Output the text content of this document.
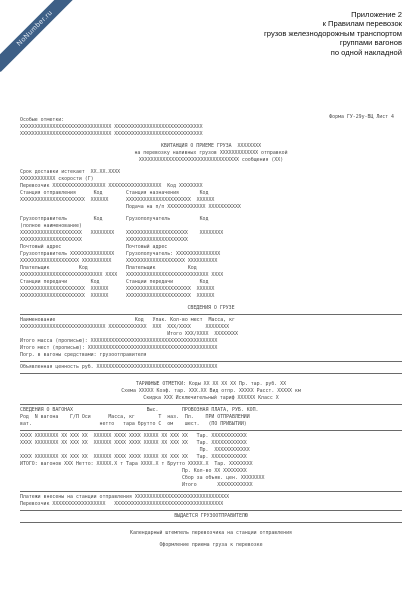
NoNumber.ru	Приложение 2
к Правилам перевозок
грузов железнодорожным транспортом
группами вагонов
по одной накладной
Форма ГУ-29у-ВЦ Лист 4
Особые отметки:
XXXXXXXXXXXXXXXXXXXXXXXXXXXXXXX XXXXXXXXXXXXXXXXXXXXXXXXXXXXXX
XXXXXXXXXXXXXXXXXXXXXXXXXXXXXXX XXXXXXXXXXXXXXXXXXXXXXXXXXXXXX
КВИТАНЦИЯ О ПРИЕМЕ ГРУЗА  XXXXXXXX
на перевозку наливных грузов XXXXXXXXXXXXX отправкой
XXXXXXXXXXXXXXXXXXXXXXXXXXXXXXXXXX сообщения (XX)
Срок доставки истекает  XX.XX.XXXX
XXXXXXXXXXXX скорости (Г)
Перевозчик XXXXXXXXXXXXXXXXXX XXXXXXXXXXXXXXXXXX  Код XXXXXXXX
Станция отправления      Код        Станция назначения       Код
XXXXXXXXXXXXXXXXXXXXXX  XXXXXX      XXXXXXXXXXXXXXXXXXXXXX  XXXXXX
Подача на п/п XXXXXXXXXXXXX XXXXXXXXXXX
Грузоотправитель         Код        Грузополучатель          Код
(полное наименование)
XXXXXXXXXXXXXXXXXXXXX   XXXXXXXX    XXXXXXXXXXXXXXXXXXXXX    XXXXXXXX
XXXXXXXXXXXXXXXXXXXXX               XXXXXXXXXXXXXXXXXXXXX
Почтовый адрес                      Почтовый адрес
Грузоотправитель XXXXXXXXXXXXXXX    Грузополучатель: XXXXXXXXXXXXXXX
XXXXXXXXXXXXXXXXXXXX XXXXXXXXXX     XXXXXXXXXXXXXXXXXXXX XXXXXXXXXX
Плательщик          Код             Плательщик           Код
XXXXXXXXXXXXXXXXXXXXXXXXXXXX XXXX   XXXXXXXXXXXXXXXXXXXXXXXXXXXX XXXX
Станции передачи        Код         Станции передачи         Код
XXXXXXXXXXXXXXXXXXXXXX  XXXXXX      XXXXXXXXXXXXXXXXXXXXXX  XXXXXX
XXXXXXXXXXXXXXXXXXXXXX  XXXXXX      XXXXXXXXXXXXXXXXXXXXXX  XXXXXX
СВЕДЕНИЯ О ГРУЗЕ
Наименование                           Код   Упак. Кол-во мест  Масса, кг
XXXXXXXXXXXXXXXXXXXXXXXXXXXXX XXXXXXXXXXXXX  XXX  XXX/XXXX     XXXXXXXX
Итого XXX/XXXX  XXXXXXXX
Итого масса (прописью): XXXXXXXXXXXXXXXXXXXXXXXXXXXXXXXXXXXXXXXXXXX
Итого мест (прописью): XXXXXXXXXXXXXXXXXXXXXXXXXXXXXXXXXXXXXXXXXXXX
Погр. в вагоны средствами: грузоотправителя
Объявленная ценность руб. XXXXXXXXXXXXXXXXXXXXXXXXXXXXXXXXXXXXXXXXX
ТАРИФНЫЕ ОТМЕТКИ: Коды XX XX XX XX Пр. тар. руб. XX
Схема XXXXX Коэф. тар. XXX.XX Вид отпр. XXXXX Расст. XXXXX км
Скидка XXX Исключительный тариф XXXXXX Класс X
СВЕДЕНИЯ О ВАГОНАХ                         Выс.        ПРОВОЗНАЯ ПЛАТА, РУБ. КОП.
Род  N вагона    Г/П Оси      Масса, кг        Т  наз.  Пл.    ПРИ ОТПРАВЛЕНИИ
ват.                       нетто   тара брутто С  ом    шест.   (ПО ПРИБЫТИИ)
XXXX XXXXXXXX XX XXX XX  XXXXXX XXXX XXXX XXXXX XX XXX XX   Тар. XXXXXXXXXXXX
XXXX XXXXXXXX XX XXX XX  XXXXXX XXXX XXXX XXXXX XX XXX XX   Тар. XXXXXXXXXXXX
Пр.  XXXXXXXXXXXX
XXXX XXXXXXXX XX XXX XX  XXXXXX XXXX XXXX XXXXX XX XXX XX   Тар. XXXXXXXXXXXX
ИТОГО: вагонов XXX Нетто: XXXXX.X т Тара XXXX.X т Брутто XXXXX.X  Тар. XXXXXXXX
Пр. Кол-во XX XXXXXXXX
Сбор за объяв. цен. XXXXXXXX
Итого       XXXXXXXXXXXX
Платежи внесены на станции отправления XXXXXXXXXXXXXXXXXXXXXXXXXXXXXXXX
Перевозчик XXXXXXXXXXXXXXXXXX   XXXXXXXXXXXXXXXXXXXXXXXXXXXXXXXXXXXXX
ВЫДАЕТСЯ ГРУЗООТПРАВИТЕЛЮ
Календарный штемпель перевозчика на станции отправления
Оформление приема груза к перевозке
